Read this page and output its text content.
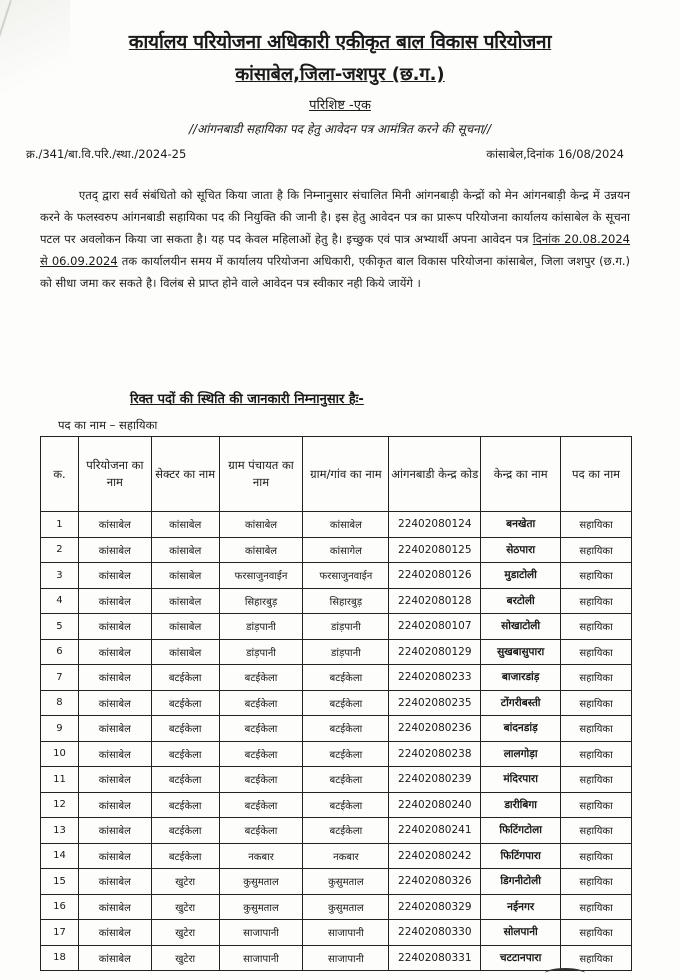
कार्यालय परियोजना अधिकारी एकीकृत बाल विकास परियोजना
कांसाबेल,जिला-जशपुर (छ.ग.)
परिशिष्ट -एक
//आंगनबाडी सहायिका पद हेतु आवेदन पत्र आमंत्रित करने की सूचना//
क्र./341/बा.वि.परि./स्था./2024-25	कांसाबेल,दिनांक 16/08/2024
एतद् द्वारा सर्व संबंधितो को सूचित किया जाता है कि निम्नानुसार संचालित मिनी आंगनबाड़ी केन्द्रों को मेन आंगनबाड़ी केन्द्र में उन्नयन करने के फलस्वरुप आंगनबाडी सहायिका पद की नियुक्ति की जानी है। इस हेतु आवेदन पत्र का प्रारूप परियोजना कार्यालय कांसाबेल के सूचना पटल पर अवलोकन किया जा सकता है। यह पद केवल महिलाओं हेतु है। इच्छुक एवं पात्र अभ्यार्थी अपना आवेदन पत्र दिनांक 20.08.2024 से 06.09.2024 तक कार्यालयीन समय में कार्यालय परियोजना अधिकारी, एकीकृत बाल विकास परियोजना कांसाबेल, जिला जशपुर (छ.ग.) को सीधा जमा कर सकते है। विलंब से प्राप्त होने वाले आवेदन पत्र स्वीकार नही किये जायेंगे ।
रिक्त पदों की स्थिति की जानकारी निम्नानुसार हैः-
पद का नाम – सहायिका
क.	परियोजना का नाम	सेक्टर का नाम	ग्राम पंचायत का नाम	ग्राम/गांव का नाम	आंगनबाडी केन्द्र कोड	केन्द्र का नाम	पद का नाम
1	कांसाबेल	कांसाबेल	कांसाबेल	कांसाबेल	22402080124	बनखेता	सहायिका
2	कांसाबेल	कांसाबेल	कांसाबेल	कांसागेल	22402080125	सेठपारा	सहायिका
3	कांसाबेल	कांसाबेल	फरसाजुनवाईन	फरसाजुनवाईन	22402080126	मुडाटोली	सहायिका
4	कांसाबेल	कांसाबेल	सिहारबुड़	सिहारबुड़	22402080128	बरटोली	सहायिका
5	कांसाबेल	कांसाबेल	डांड़पानी	डांड़पानी	22402080107	सोखाटोली	सहायिका
6	कांसाबेल	कांसाबेल	डांड़पानी	डांड़पानी	22402080129	सुखबासुपारा	सहायिका
7	कांसाबेल	बटईकेला	बटईकेला	बटईकेला	22402080233	बाजारडांड़	सहायिका
8	कांसाबेल	बटईकेला	बटईकेला	बटईकेला	22402080235	टोंगरीबस्ती	सहायिका
9	कांसाबेल	बटईकेला	बटईकेला	बटईकेला	22402080236	बांदनडांड़	सहायिका
10	कांसाबेल	बटईकेला	बटईकेला	बटईकेला	22402080238	लालगोड़ा	सहायिका
11	कांसाबेल	बटईकेला	बटईकेला	बटईकेला	22402080239	मंदिरपारा	सहायिका
12	कांसाबेल	बटईकेला	बटईकेला	बटईकेला	22402080240	डारीबिगा	सहायिका
13	कांसाबेल	बटईकेला	बटईकेला	बटईकेला	22402080241	फिटिंगटोला	सहायिका
14	कांसाबेल	बटईकेला	नकबार	नकबार	22402080242	फिटिंगपारा	सहायिका
15	कांसाबेल	खुटेरा	कुसुमताल	कुसुमताल	22402080326	डिगनीटोली	सहायिका
16	कांसाबेल	खुटेरा	कुसुमताल	कुसुमताल	22402080329	नईनगर	सहायिका
17	कांसाबेल	खुटेरा	साजापानी	साजापानी	22402080330	सोलपानी	सहायिका
18	कांसाबेल	खुटेरा	साजापानी	साजापानी	22402080331	चटटानपारा	सहायिका
